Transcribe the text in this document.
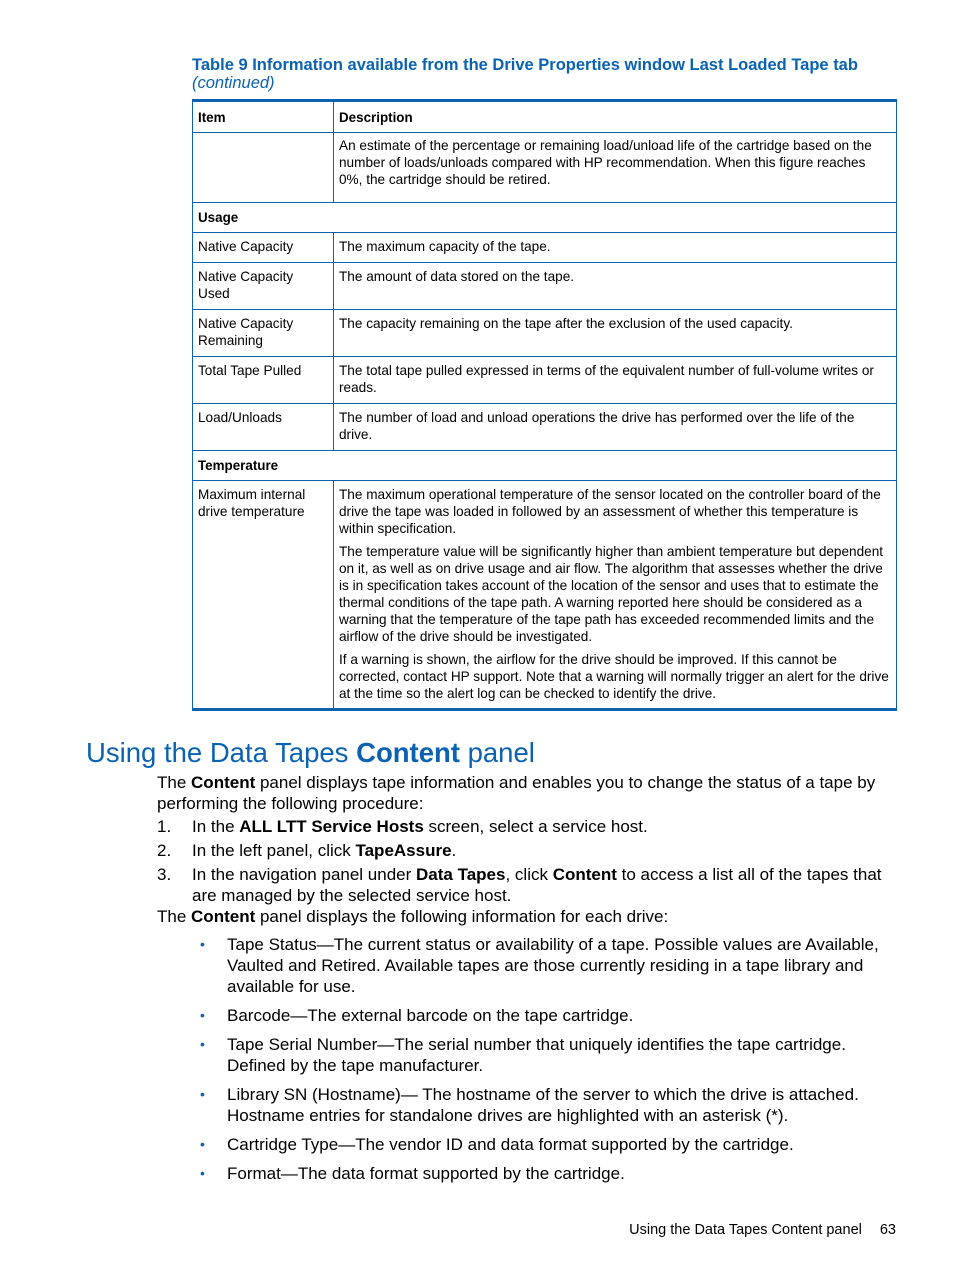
Table 9 Information available from the Drive Properties window Last Loaded Tape tab
(continued)
Item	Description
	An estimate of the percentage or remaining load/unload life of the cartridge based on the number of loads/unloads compared with HP recommendation. When this figure reaches 0%, the cartridge should be retired.
Usage	
Native Capacity	The maximum capacity of the tape.
Native Capacity Used	The amount of data stored on the tape.
Native Capacity Remaining	The capacity remaining on the tape after the exclusion of the used capacity.
Total Tape Pulled	The total tape pulled expressed in terms of the equivalent number of full-volume writes or reads.
Load/Unloads	The number of load and unload operations the drive has performed over the life of the drive.
Temperature	
Maximum internal drive temperature	The maximum operational temperature of the sensor located on the controller board of the drive the tape was loaded in followed by an assessment of whether this temperature is within specification.

The temperature value will be significantly higher than ambient temperature but dependent on it, as well as on drive usage and air flow. The algorithm that assesses whether the drive is in specification takes account of the location of the sensor and uses that to estimate the thermal conditions of the tape path. A warning reported here should be considered as a warning that the temperature of the tape path has exceeded recommended limits and the airflow of the drive should be investigated.

If a warning is shown, the airflow for the drive should be improved. If this cannot be corrected, contact HP support. Note that a warning will normally trigger an alert for the drive at the time so the alert log can be checked to identify the drive.

Using the Data Tapes Content panel

The Content panel displays tape information and enables you to change the status of a tape by performing the following procedure:

1. In the ALL LTT Service Hosts screen, select a service host.
2. In the left panel, click TapeAssure.
3. In the navigation panel under Data Tapes, click Content to access a list all of the tapes that are managed by the selected service host.
The Content panel displays the following information for each drive:
• Tape Status—The current status or availability of a tape. Possible values are Available, Vaulted and Retired. Available tapes are those currently residing in a tape library and available for use.
• Barcode—The external barcode on the tape cartridge.
• Tape Serial Number—The serial number that uniquely identifies the tape cartridge. Defined by the tape manufacturer.
• Library SN (Hostname)— The hostname of the server to which the drive is attached. Hostname entries for standalone drives are highlighted with an asterisk (*).
• Cartridge Type—The vendor ID and data format supported by the cartridge.
• Format—The data format supported by the cartridge.
Using the Data Tapes Content panel 63
